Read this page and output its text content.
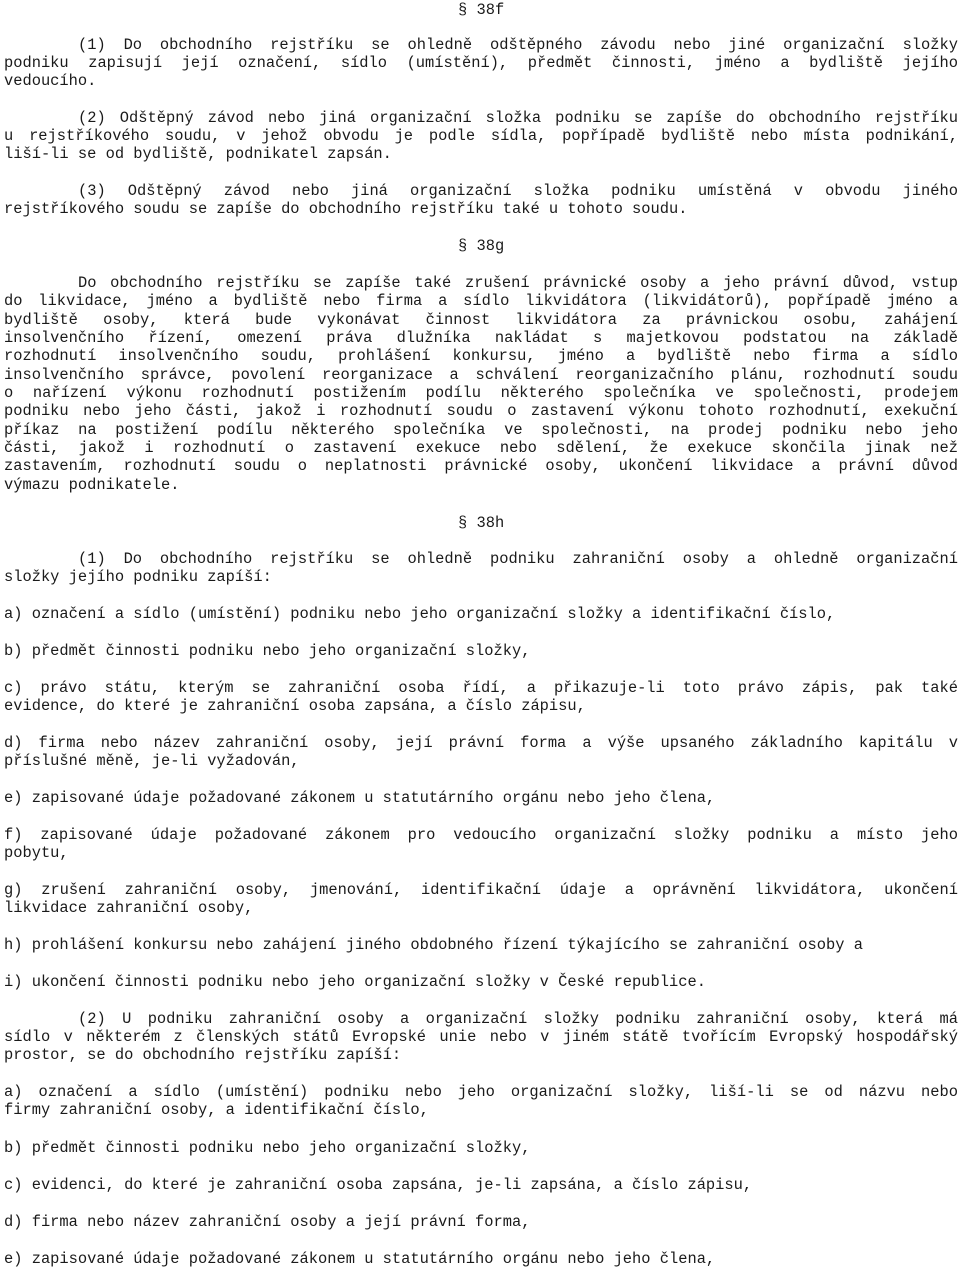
§ 38f
(1) Do obchodního rejstříku se ohledně odštěpného závodu nebo jiné organizační složky
podniku zapisují její označení, sídlo (umístění), předmět činnosti, jméno a bydliště jejího
vedoucího.
(2) Odštěpný závod nebo jiná organizační složka podniku se zapíše do obchodního rejstříku
u rejstříkového soudu, v jehož obvodu je podle sídla, popřípadě bydliště nebo místa podnikání,
liší-li se od bydliště, podnikatel zapsán.
(3) Odštěpný závod nebo jiná organizační složka podniku umístěná v obvodu jiného
rejstříkového soudu se zapíše do obchodního rejstříku také u tohoto soudu.
§ 38g
Do obchodního rejstříku se zapíše také zrušení právnické osoby a jeho právní důvod, vstup
do likvidace, jméno a bydliště nebo firma a sídlo likvidátora (likvidátorů), popřípadě jméno a
bydliště osoby, která bude vykonávat činnost likvidátora za právnickou osobu, zahájení
insolvenčního řízení, omezení práva dlužníka nakládat s majetkovou podstatou na základě
rozhodnutí insolvenčního soudu, prohlášení konkursu, jméno a bydliště nebo firma a sídlo
insolvenčního správce, povolení reorganizace a schválení reorganizačního plánu, rozhodnutí soudu
o nařízení výkonu rozhodnutí postižením podílu některého společníka ve společnosti, prodejem
podniku nebo jeho části, jakož i rozhodnutí soudu o zastavení výkonu tohoto rozhodnutí, exekuční
příkaz na postižení podílu některého společníka ve společnosti, na prodej podniku nebo jeho
části, jakož i rozhodnutí o zastavení exekuce nebo sdělení, že exekuce skončila jinak než
zastavením, rozhodnutí soudu o neplatnosti právnické osoby, ukončení likvidace a právní důvod
výmazu podnikatele.
§ 38h
(1) Do obchodního rejstříku se ohledně podniku zahraniční osoby a ohledně organizační
složky jejího podniku zapíší:
a) označení a sídlo (umístění) podniku nebo jeho organizační složky a identifikační číslo,
b) předmět činnosti podniku nebo jeho organizační složky,
c) právo státu, kterým se zahraniční osoba řídí, a přikazuje-li toto právo zápis, pak také
evidence, do které je zahraniční osoba zapsána, a číslo zápisu,
d) firma nebo název zahraniční osoby, její právní forma a výše upsaného základního kapitálu v
příslušné měně, je-li vyžadován,
e) zapisované údaje požadované zákonem u statutárního orgánu nebo jeho člena,
f) zapisované údaje požadované zákonem pro vedoucího organizační složky podniku a místo jeho
pobytu,
g) zrušení zahraniční osoby, jmenování, identifikační údaje a oprávnění likvidátora, ukončení
likvidace zahraniční osoby,
h) prohlášení konkursu nebo zahájení jiného obdobného řízení týkajícího se zahraniční osoby a
i) ukončení činnosti podniku nebo jeho organizační složky v České republice.
(2) U podniku zahraniční osoby a organizační složky podniku zahraniční osoby, která má
sídlo v některém z členských států Evropské unie nebo v jiném státě tvořícím Evropský hospodářský
prostor, se do obchodního rejstříku zapíší:
a) označení a sídlo (umístění) podniku nebo jeho organizační složky, liší-li se od názvu nebo
firmy zahraniční osoby, a identifikační číslo,
b) předmět činnosti podniku nebo jeho organizační složky,
c) evidenci, do které je zahraniční osoba zapsána, je-li zapsána, a číslo zápisu,
d) firma nebo název zahraniční osoby a její právní forma,
e) zapisované údaje požadované zákonem u statutárního orgánu nebo jeho člena,
